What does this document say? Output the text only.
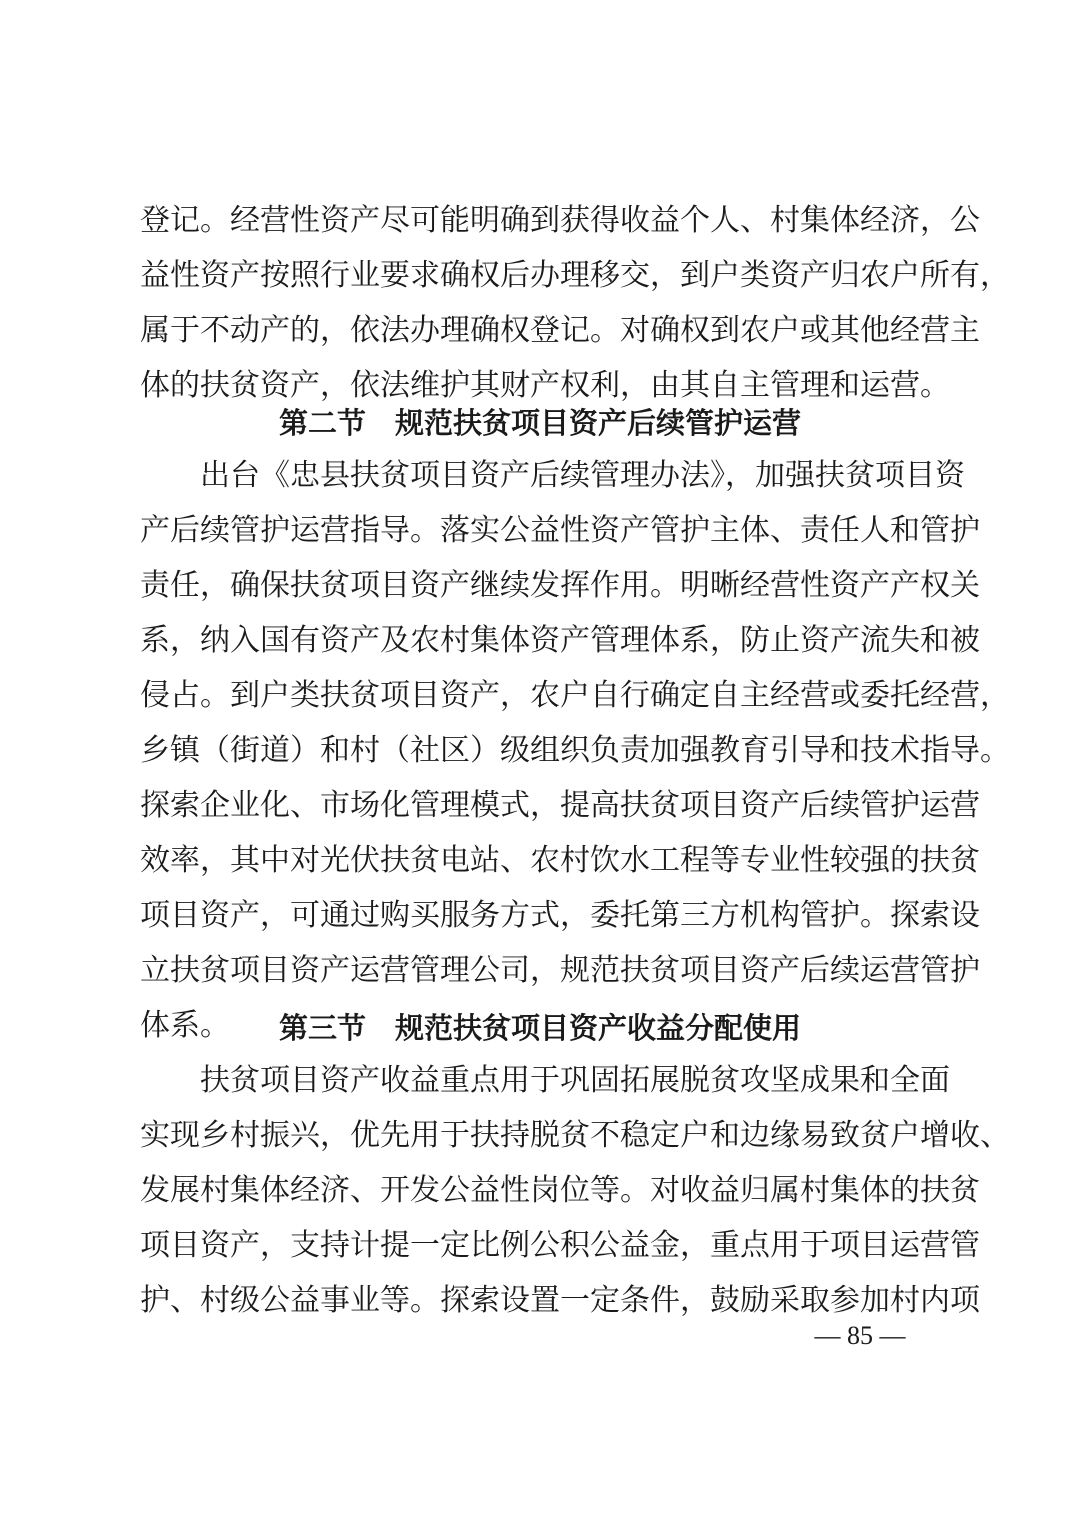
登记。经营性资产尽可能明确到获得收益个人、村集体经济，公
益性资产按照行业要求确权后办理移交，到户类资产归农户所有，
属于不动产的，依法办理确权登记。对确权到农户或其他经营主
体的扶贫资产，依法维护其财产权利，由其自主管理和运营。
第二节　规范扶贫项目资产后续管护运营
出台《忠县扶贫项目资产后续管理办法》，加强扶贫项目资
产后续管护运营指导。落实公益性资产管护主体、责任人和管护
责任，确保扶贫项目资产继续发挥作用。明晰经营性资产产权关
系，纳入国有资产及农村集体资产管理体系，防止资产流失和被
侵占。到户类扶贫项目资产，农户自行确定自主经营或委托经营，
乡镇（街道）和村（社区）级组织负责加强教育引导和技术指导。
探索企业化、市场化管理模式，提高扶贫项目资产后续管护运营
效率，其中对光伏扶贫电站、农村饮水工程等专业性较强的扶贫
项目资产，可通过购买服务方式，委托第三方机构管护。探索设
立扶贫项目资产运营管理公司，规范扶贫项目资产后续运营管护
体系。	第三节　规范扶贫项目资产收益分配使用
扶贫项目资产收益重点用于巩固拓展脱贫攻坚成果和全面
实现乡村振兴，优先用于扶持脱贫不稳定户和边缘易致贫户增收、
发展村集体经济、开发公益性岗位等。对收益归属村集体的扶贫
项目资产，支持计提一定比例公积公益金，重点用于项目运营管
护、村级公益事业等。探索设置一定条件，鼓励采取参加村内项
— 85 —
